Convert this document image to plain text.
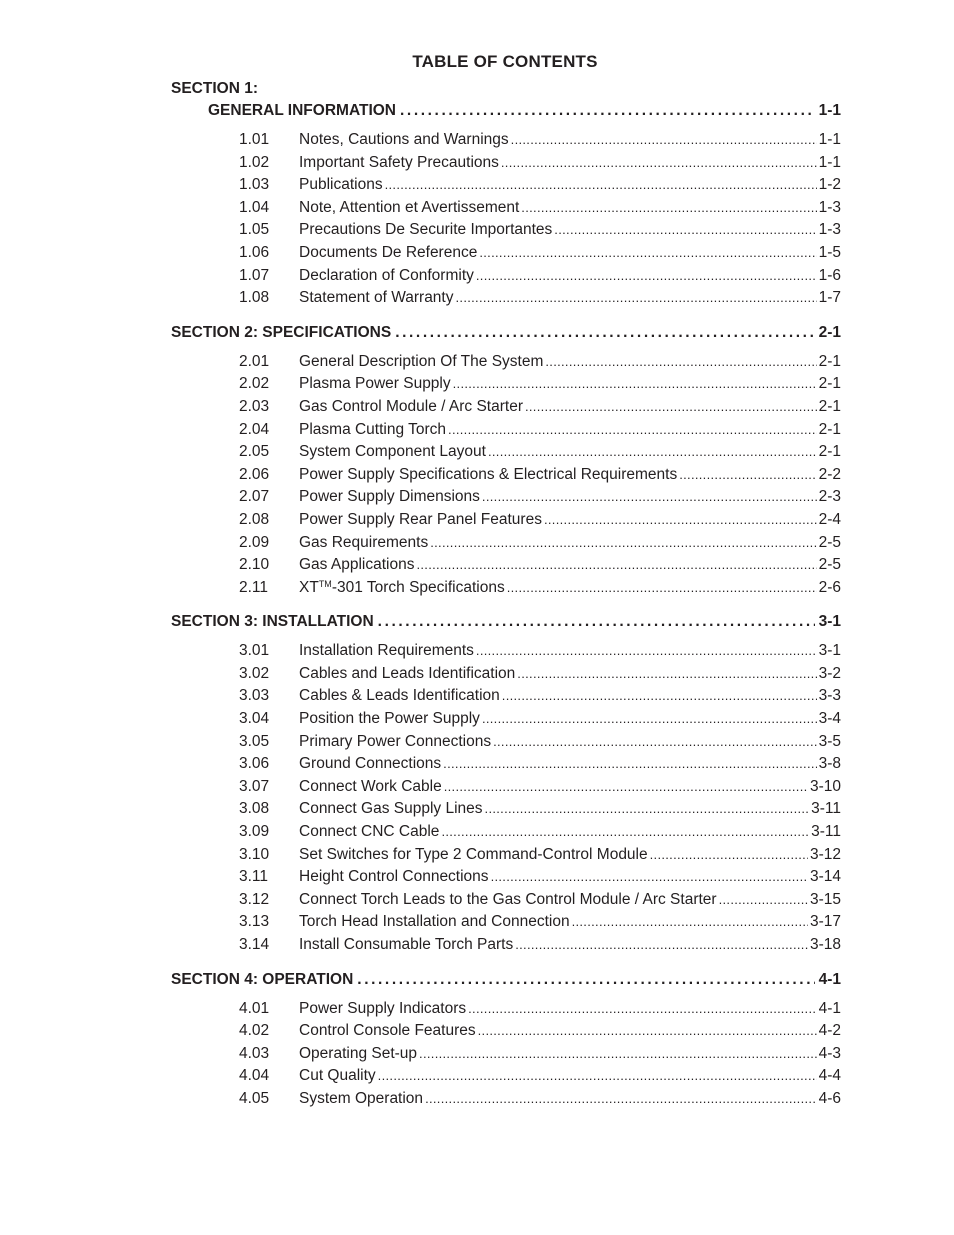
TABLE OF CONTENTS
SECTION 1:
GENERAL INFORMATION .....	1-1
1.01	Notes, Cautions and Warnings .....	1-1
1.02	Important Safety Precautions .....	1-1
1.03	Publications .....	1-2
1.04	Note, Attention et Avertissement .....	1-3
1.05	Precautions De Securite Importantes .....	1-3
1.06	Documents De Reference .....	1-5
1.07	Declaration of Conformity .....	1-6
1.08	Statement of Warranty .....	1-7
SECTION 2: SPECIFICATIONS .....	2-1
2.01	General Description Of The System .....	2-1
2.02	Plasma Power Supply .....	2-1
2.03	Gas Control Module / Arc Starter .....	2-1
2.04	Plasma Cutting Torch .....	2-1
2.05	System Component Layout .....	2-1
2.06	Power Supply Specifications & Electrical Requirements .....	2-2
2.07	Power Supply Dimensions .....	2-3
2.08	Power Supply Rear Panel Features .....	2-4
2.09	Gas Requirements .....	2-5
2.10	Gas Applications .....	2-5
2.11	XT™-301 Torch Specifications .....	2-6
SECTION 3: INSTALLATION .....	3-1
3.01	Installation Requirements .....	3-1
3.02	Cables and Leads Identification .....	3-2
3.03	Cables & Leads Identification .....	3-3
3.04	Position the Power Supply .....	3-4
3.05	Primary Power Connections .....	3-5
3.06	Ground Connections .....	3-8
3.07	Connect Work Cable .....	3-10
3.08	Connect Gas Supply Lines .....	3-11
3.09	Connect CNC Cable .....	3-11
3.10	Set Switches for Type 2 Command-Control Module .....	3-12
3.11	Height Control Connections .....	3-14
3.12	Connect Torch Leads to the Gas Control Module / Arc Starter .....	3-15
3.13	Torch Head Installation and Connection .....	3-17
3.14	Install Consumable Torch Parts .....	3-18
SECTION 4: OPERATION .....	4-1
4.01	Power Supply Indicators .....	4-1
4.02	Control Console Features .....	4-2
4.03	Operating Set-up .....	4-3
4.04	Cut Quality .....	4-4
4.05	System Operation .....	4-6
